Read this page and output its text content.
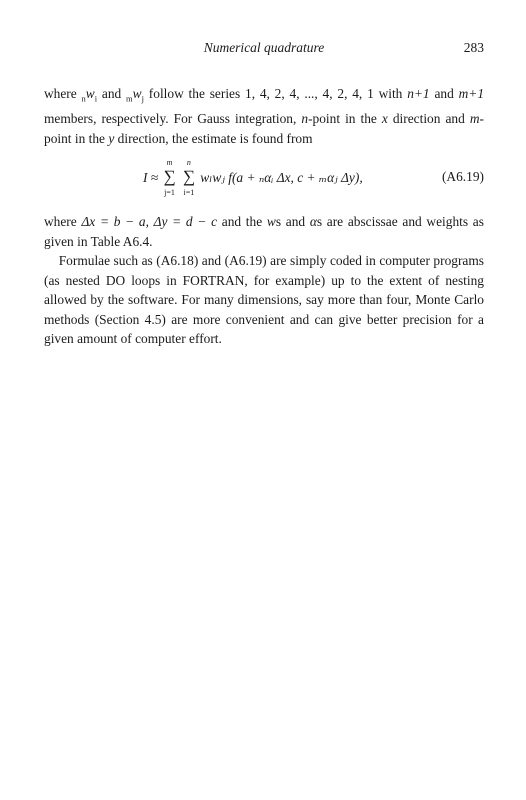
Numerical quadrature	283

where $_nw_i$ and $_mw_j$ follow the series 1, 4, 2, 4, ..., 4, 2, 4, 1 with n+1 and m+1 members, respectively. For Gauss integration, n-point in the x direction and m-point in the y direction, the estimate is found from

I ≈
m
∑
j=1

n
∑
i=1
wₗwⱼ f(a + ₙαᵢ Δx, c + ₘαⱼ Δy),	(A6.19)

where Δx = b − a, Δy = d − c and the ws and αs are abscissae and weights as given in Table A6.4.

Formulae such as (A6.18) and (A6.19) are simply coded in computer programs (as nested DO loops in FORTRAN, for example) up to the extent of nesting allowed by the software. For many dimensions, say more than four, Monte Carlo methods (Section 4.5) are more convenient and can give better precision for a given amount of computer effort.
